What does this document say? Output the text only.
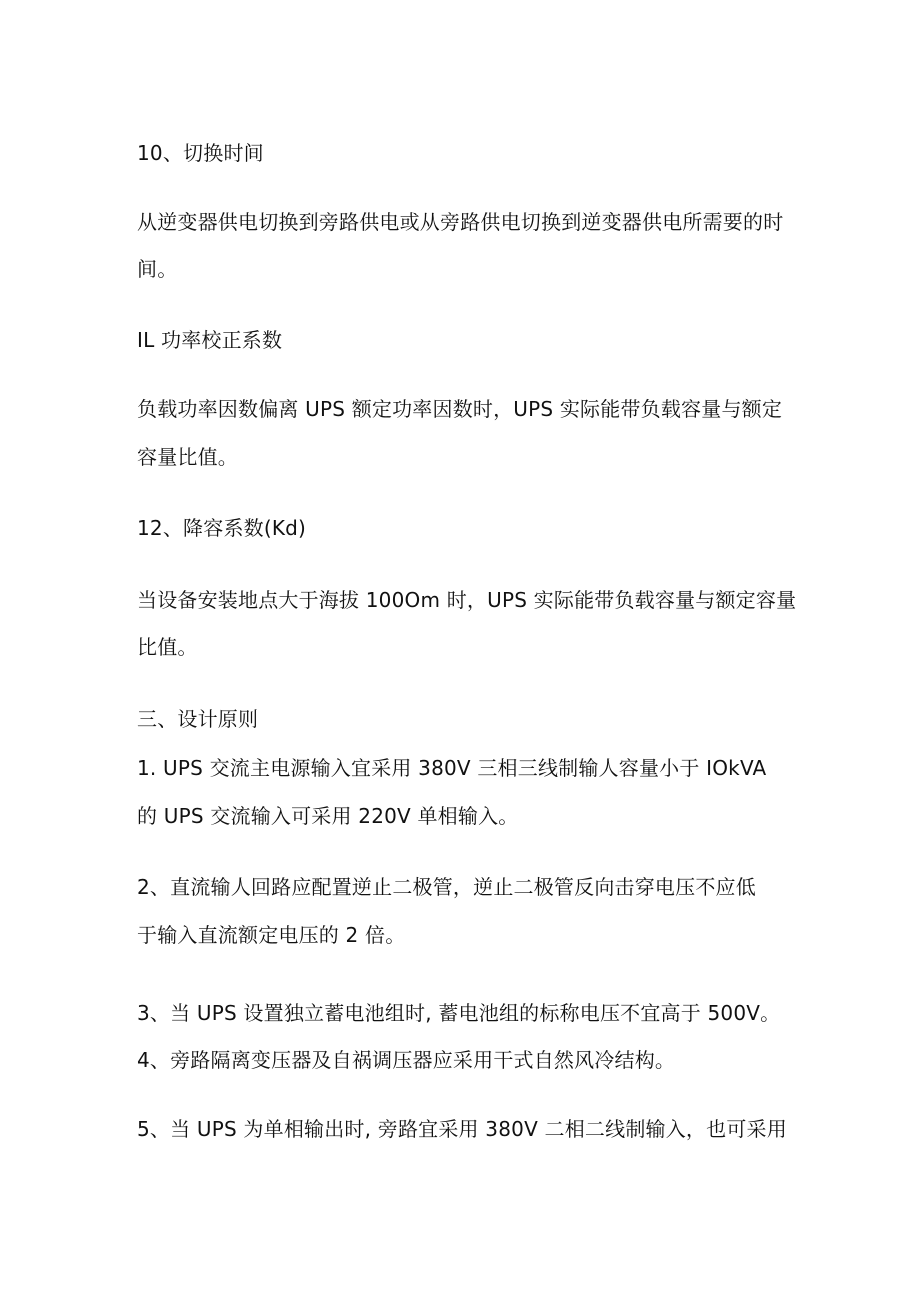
10、切换时间
从逆变器供电切换到旁路供电或从旁路供电切换到逆变器供电所需要的时
间。
IL 功率校正系数
负载功率因数偏离 UPS 额定功率因数时，UPS 实际能带负载容量与额定
容量比值。
12、降容系数(Kd)
当设备安装地点大于海拔 100Om 时，UPS 实际能带负载容量与额定容量
比值。
三、设计原则
1. UPS 交流主电源输入宜采用 380V 三相三线制输人容量小于 IOkVA
的 UPS 交流输入可采用 220V 单相输入。
2、直流输人回路应配置逆止二极管，逆止二极管反向击穿电压不应低
于输入直流额定电压的 2 倍。
3、当 UPS 设置独立蓄电池组时, 蓄电池组的标称电压不宜高于 500V。
4、旁路隔离变压器及自祸调压器应采用干式自然风冷结构。
5、当 UPS 为单相输出时, 旁路宜采用 380V 二相二线制输入，也可采用
